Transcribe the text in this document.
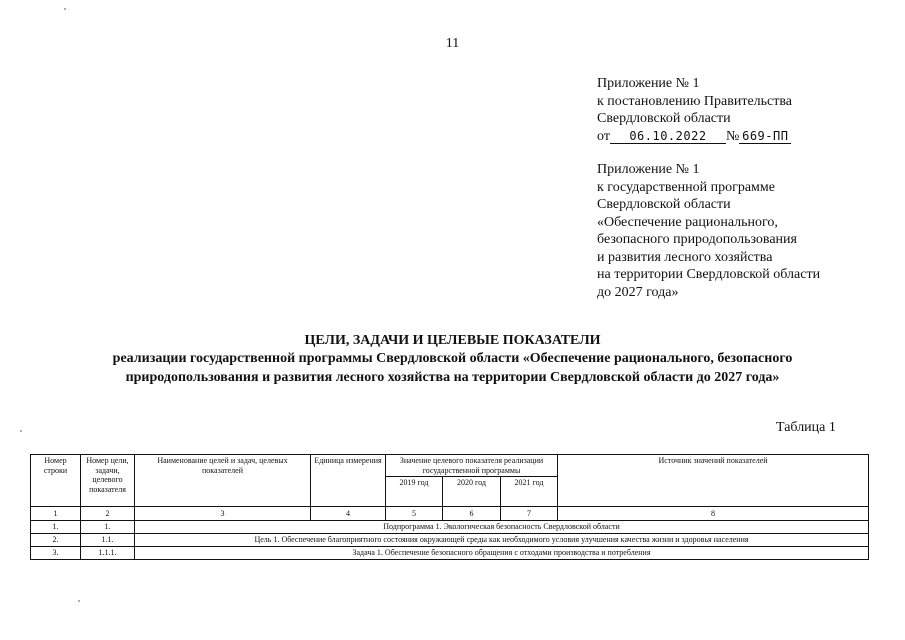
11
Приложение № 1
к постановлению Правительства
Свердловской области
от 06.10.2022 № 669-ПП
Приложение № 1
к государственной программе
Свердловской области
«Обеспечение рационального,
безопасного природопользования
и развития лесного хозяйства
на территории Свердловской области
до 2027 года»
ЦЕЛИ, ЗАДАЧИ И ЦЕЛЕВЫЕ ПОКАЗАТЕЛИ
реализации государственной программы Свердловской области «Обеспечение рационального, безопасного
природопользования и развития лесного хозяйства на территории Свердловской области до 2027 года»
Таблица 1
Номер строки	Номер цели, задачи, целевого показателя	Наименование целей и задач, целевых показателей	Единица измерения	Значение целевого показателя реализации государственной программы			Источник значений показателей
				2019 год	2020 год	2021 год	
1	2	3	4	5	6	7	8
1.	1.	Подпрограмма 1. Экологическая безопасность Свердловской области					
2.	1.1.	Цель 1. Обеспечение благоприятного состояния окружающей среды как необходимого условия улучшения качества жизни и здоровья населения					
3.	1.1.1.	Задача 1. Обеспечение безопасного обращения с отходами производства и потребления					
